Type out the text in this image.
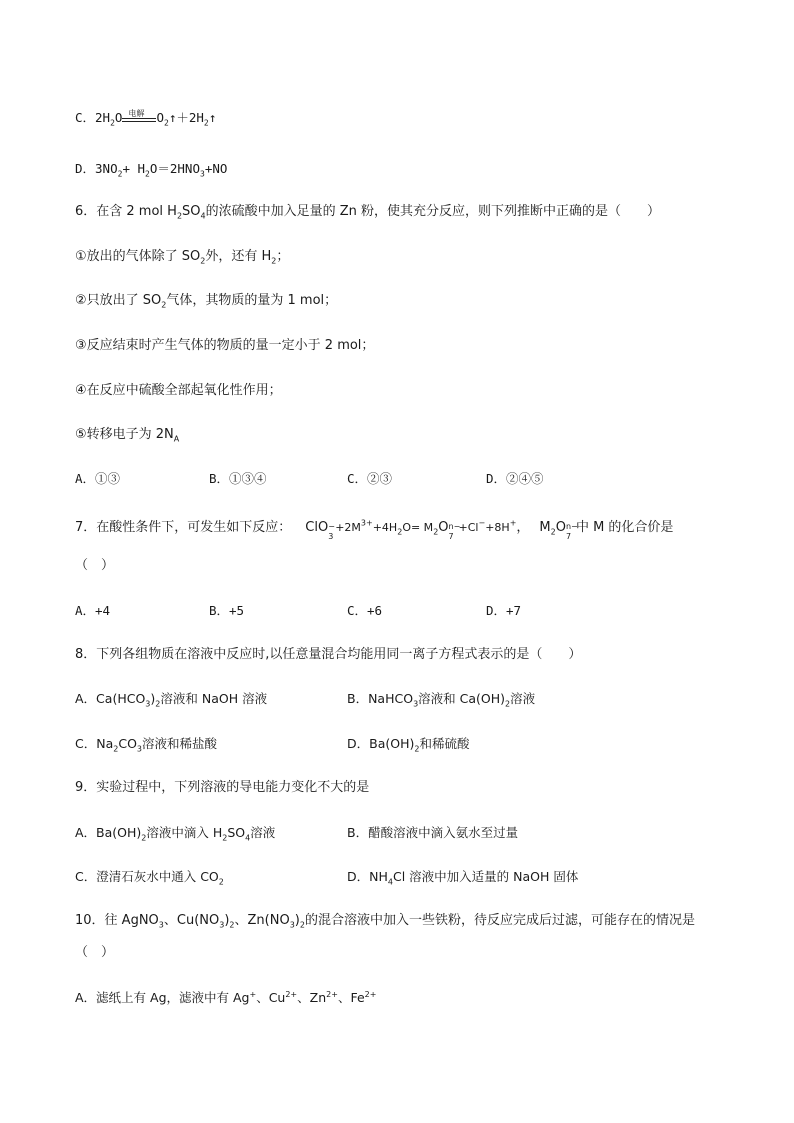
C．$2H_2O$ 电解 $O_2↑+2H_2↑$
D．$3NO_2+ H_2O=2HNO_3+NO$
6．在含 2 mol $H_2SO_4$的浓硫酸中加入足量的 Zn 粉，使其充分反应，则下列推断中正确的是（　　）
①放出的气体除了 $SO_2$外，还有 $H_2$；
②只放出了 $SO_2$气体，其物质的量为 1 mol；
③反应结束时产生气体的物质的量一定小于 2 mol；
④在反应中硫酸全部起氧化性作用；
⑤转移电子为 $2N_A$
A．①③	B．①③④	C．②③	D．②④⑤
7．在酸性条件下，可发生如下反应： ClO −
3
$+2M^{3+}+4H_2O= M_2O$ n−
7
+Cl−+8H+， $M_2O$ n−
7
中 M 的化合价是
（　）
A．+4	B．+5	C．+6	D．+7
8．下列各组物质在溶液中反应时,以任意量混合均能用同一离子方程式表示的是（　　）
A．$Ca(HCO_3)_2$溶液和 NaOH 溶液	B．NaHCO$_3$溶液和 $Ca(OH)_2$溶液
C．$Na_2CO_3$溶液和稀盐酸	D．$Ba(OH)_2$和稀硫酸
9．实验过程中，下列溶液的导电能力变化不大的是
A．$Ba(OH)_2$溶液中滴入 $H_2SO_4$溶液	B．醋酸溶液中滴入氨水至过量
C．澄清石灰水中通入 $CO_2$	D．$NH_4Cl$ 溶液中加入适量的 NaOH 固体
10．往 AgNO$_3$、$Cu(NO_3)_2$、$Zn(NO_3)_2$的混合溶液中加入一些铁粉，待反应完成后过滤，可能存在的情况是
（　）
A．滤纸上有 Ag，滤液中有 Ag+、$Cu^{2+}$、$Zn^{2+}$、$Fe^{2+}$
